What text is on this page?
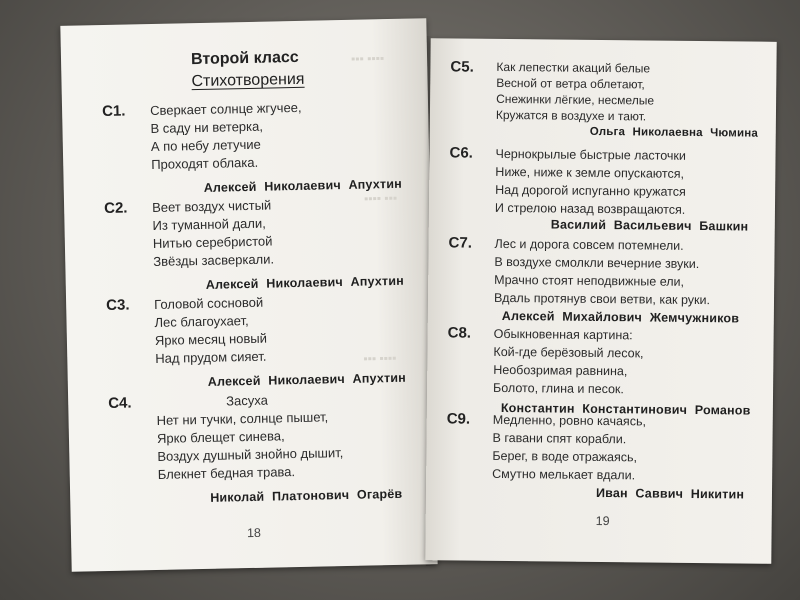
▪▪▪ ▪▪▪▪
▪▪▪▪ ▪▪▪
▪▪▪ ▪▪▪▪
Второй класс
Стихотворения
С1. Сверкает солнце жгучее,
В саду ни ветерка,
А по небу летучие
Проходят облака.
Алексей Николаевич Апухтин
С2. Веет воздух чистый
Из туманной дали,
Нитью серебристой
Звёзды засверкали.
Алексей Николаевич Апухтин
С3. Головой сосновой
Лес благоухает,
Ярко месяц новый
Над прудом сияет.
Алексей Николаевич Апухтин
С4.	Засуха
Нет ни тучки, солнце пышет,
Ярко блещет синева,
Воздух душный знойно дышит,
Блекнет бедная трава.
Николай Платонович Огарёв
18
С5. Как лепестки акаций белые
Весной от ветра облетают,
Снежинки лёгкие, несмелые
Кружатся в воздухе и тают.
Ольга Николаевна Чюмина
С6. Чернокрылые быстрые ласточки
Ниже, ниже к земле опускаются,
Над дорогой испуганно кружатся
И стрелою назад возвращаются.
Василий Васильевич Башкин
С7. Лес и дорога совсем потемнели.
В воздухе смолкли вечерние звуки.
Мрачно стоят неподвижные ели,
Вдаль протянув свои ветви, как руки.
Алексей Михайлович Жемчужников
С8. Обыкновенная картина:
Кой-где берёзовый лесок,
Необозримая равнина,
Болото, глина и песок.
Константин Константинович Романов
С9. Медленно, ровно качаясь,
В гавани спят корабли.
Берег, в воде отражаясь,
Смутно мелькает вдали.
Иван Саввич Никитин
19
